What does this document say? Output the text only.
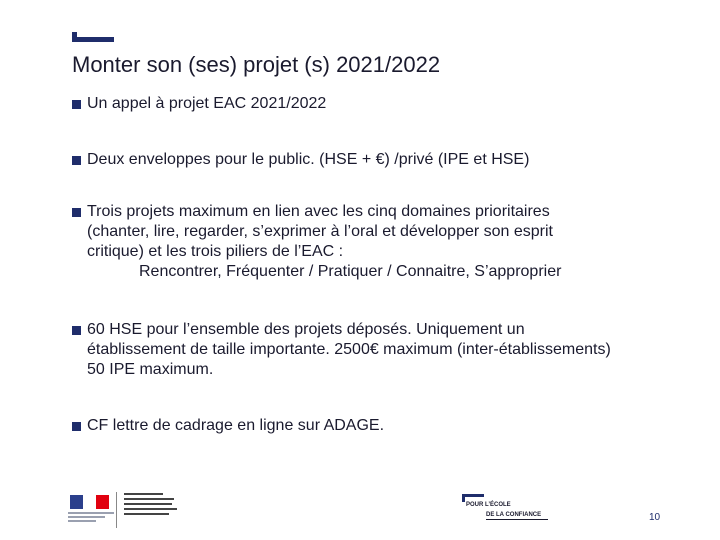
Monter son (ses) projet (s) 2021/2022
Un appel à projet EAC 2021/2022
Deux enveloppes pour le public. (HSE + €) /privé (IPE et HSE)
Trois projets maximum en lien avec les cinq domaines prioritaires
(chanter, lire, regarder, s’exprimer à l’oral et développer son esprit
critique) et les trois piliers de l’EAC :
Rencontrer, Fréquenter / Pratiquer / Connaitre, S’approprier
60 HSE pour l’ensemble des projets déposés. Uniquement un
établissement de taille importante. 2500€ maximum (inter-établissements)
50 IPE maximum.
CF lettre de cadrage en ligne sur ADAGE.
POUR L’ÉCOLE
DE LA CONFIANCE	10
